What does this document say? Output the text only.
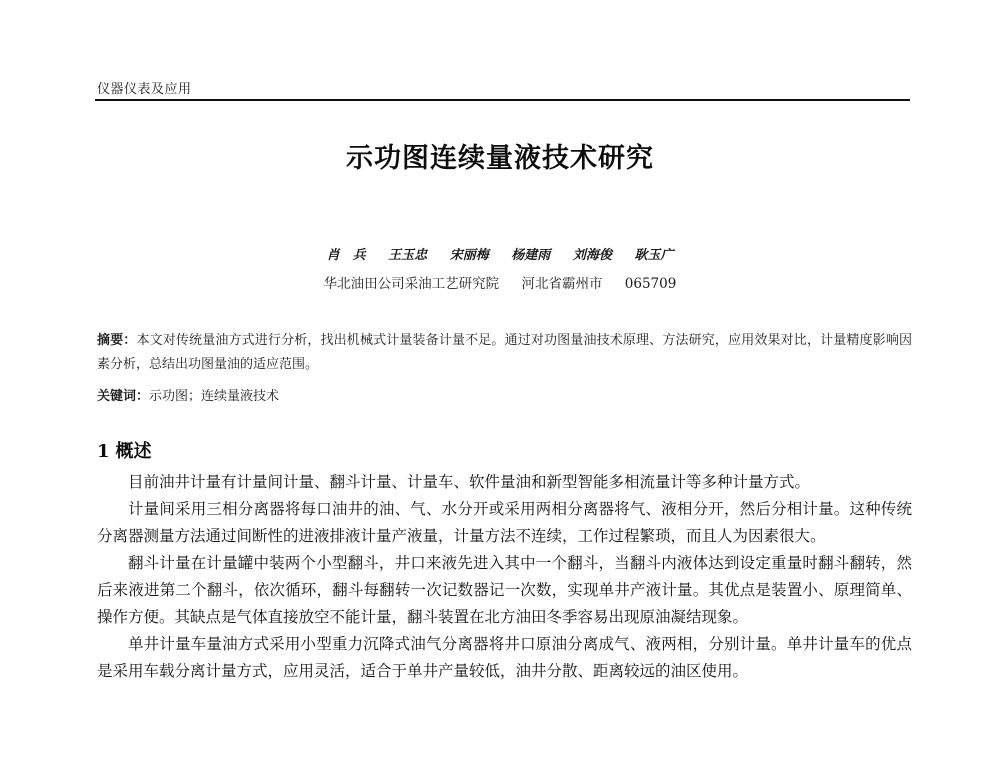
仪器仪表及应用
示功图连续量液技术研究
肖　兵 王玉忠 宋丽梅 杨建雨 刘海俊 耿玉广
华北油田公司采油工艺研究院 河北省霸州市 065709
摘要：本文对传统量油方式进行分析，找出机械式计量装备计量不足。通过对功图量油技术原理、方法研究，应用效果对比，计量精度影响因素分析，总结出功图量油的适应范围。
关键词：示功图；连续量液技术
1 概述

目前油井计量有计量间计量、翻斗计量、计量车、软件量油和新型智能多相流量计等多种计量方式。

计量间采用三相分离器将每口油井的油、气、水分开或采用两相分离器将气、液相分开，然后分相计量。这种传统分离器测量方法通过间断性的进液排液计量产液量，计量方法不连续，工作过程繁琐，而且人为因素很大。

翻斗计量在计量罐中装两个小型翻斗，井口来液先进入其中一个翻斗，当翻斗内液体达到设定重量时翻斗翻转，然后来液进第二个翻斗，依次循环，翻斗每翻转一次记数器记一次数，实现单井产液计量。其优点是装置小、原理简单、操作方便。其缺点是气体直接放空不能计量，翻斗装置在北方油田冬季容易出现原油凝结现象。

单井计量车量油方式采用小型重力沉降式油气分离器将井口原油分离成气、液两相，分别计量。单井计量车的优点是采用车载分离计量方式，应用灵活，适合于单井产量较低，油井分散、距离较远的油区使用。
